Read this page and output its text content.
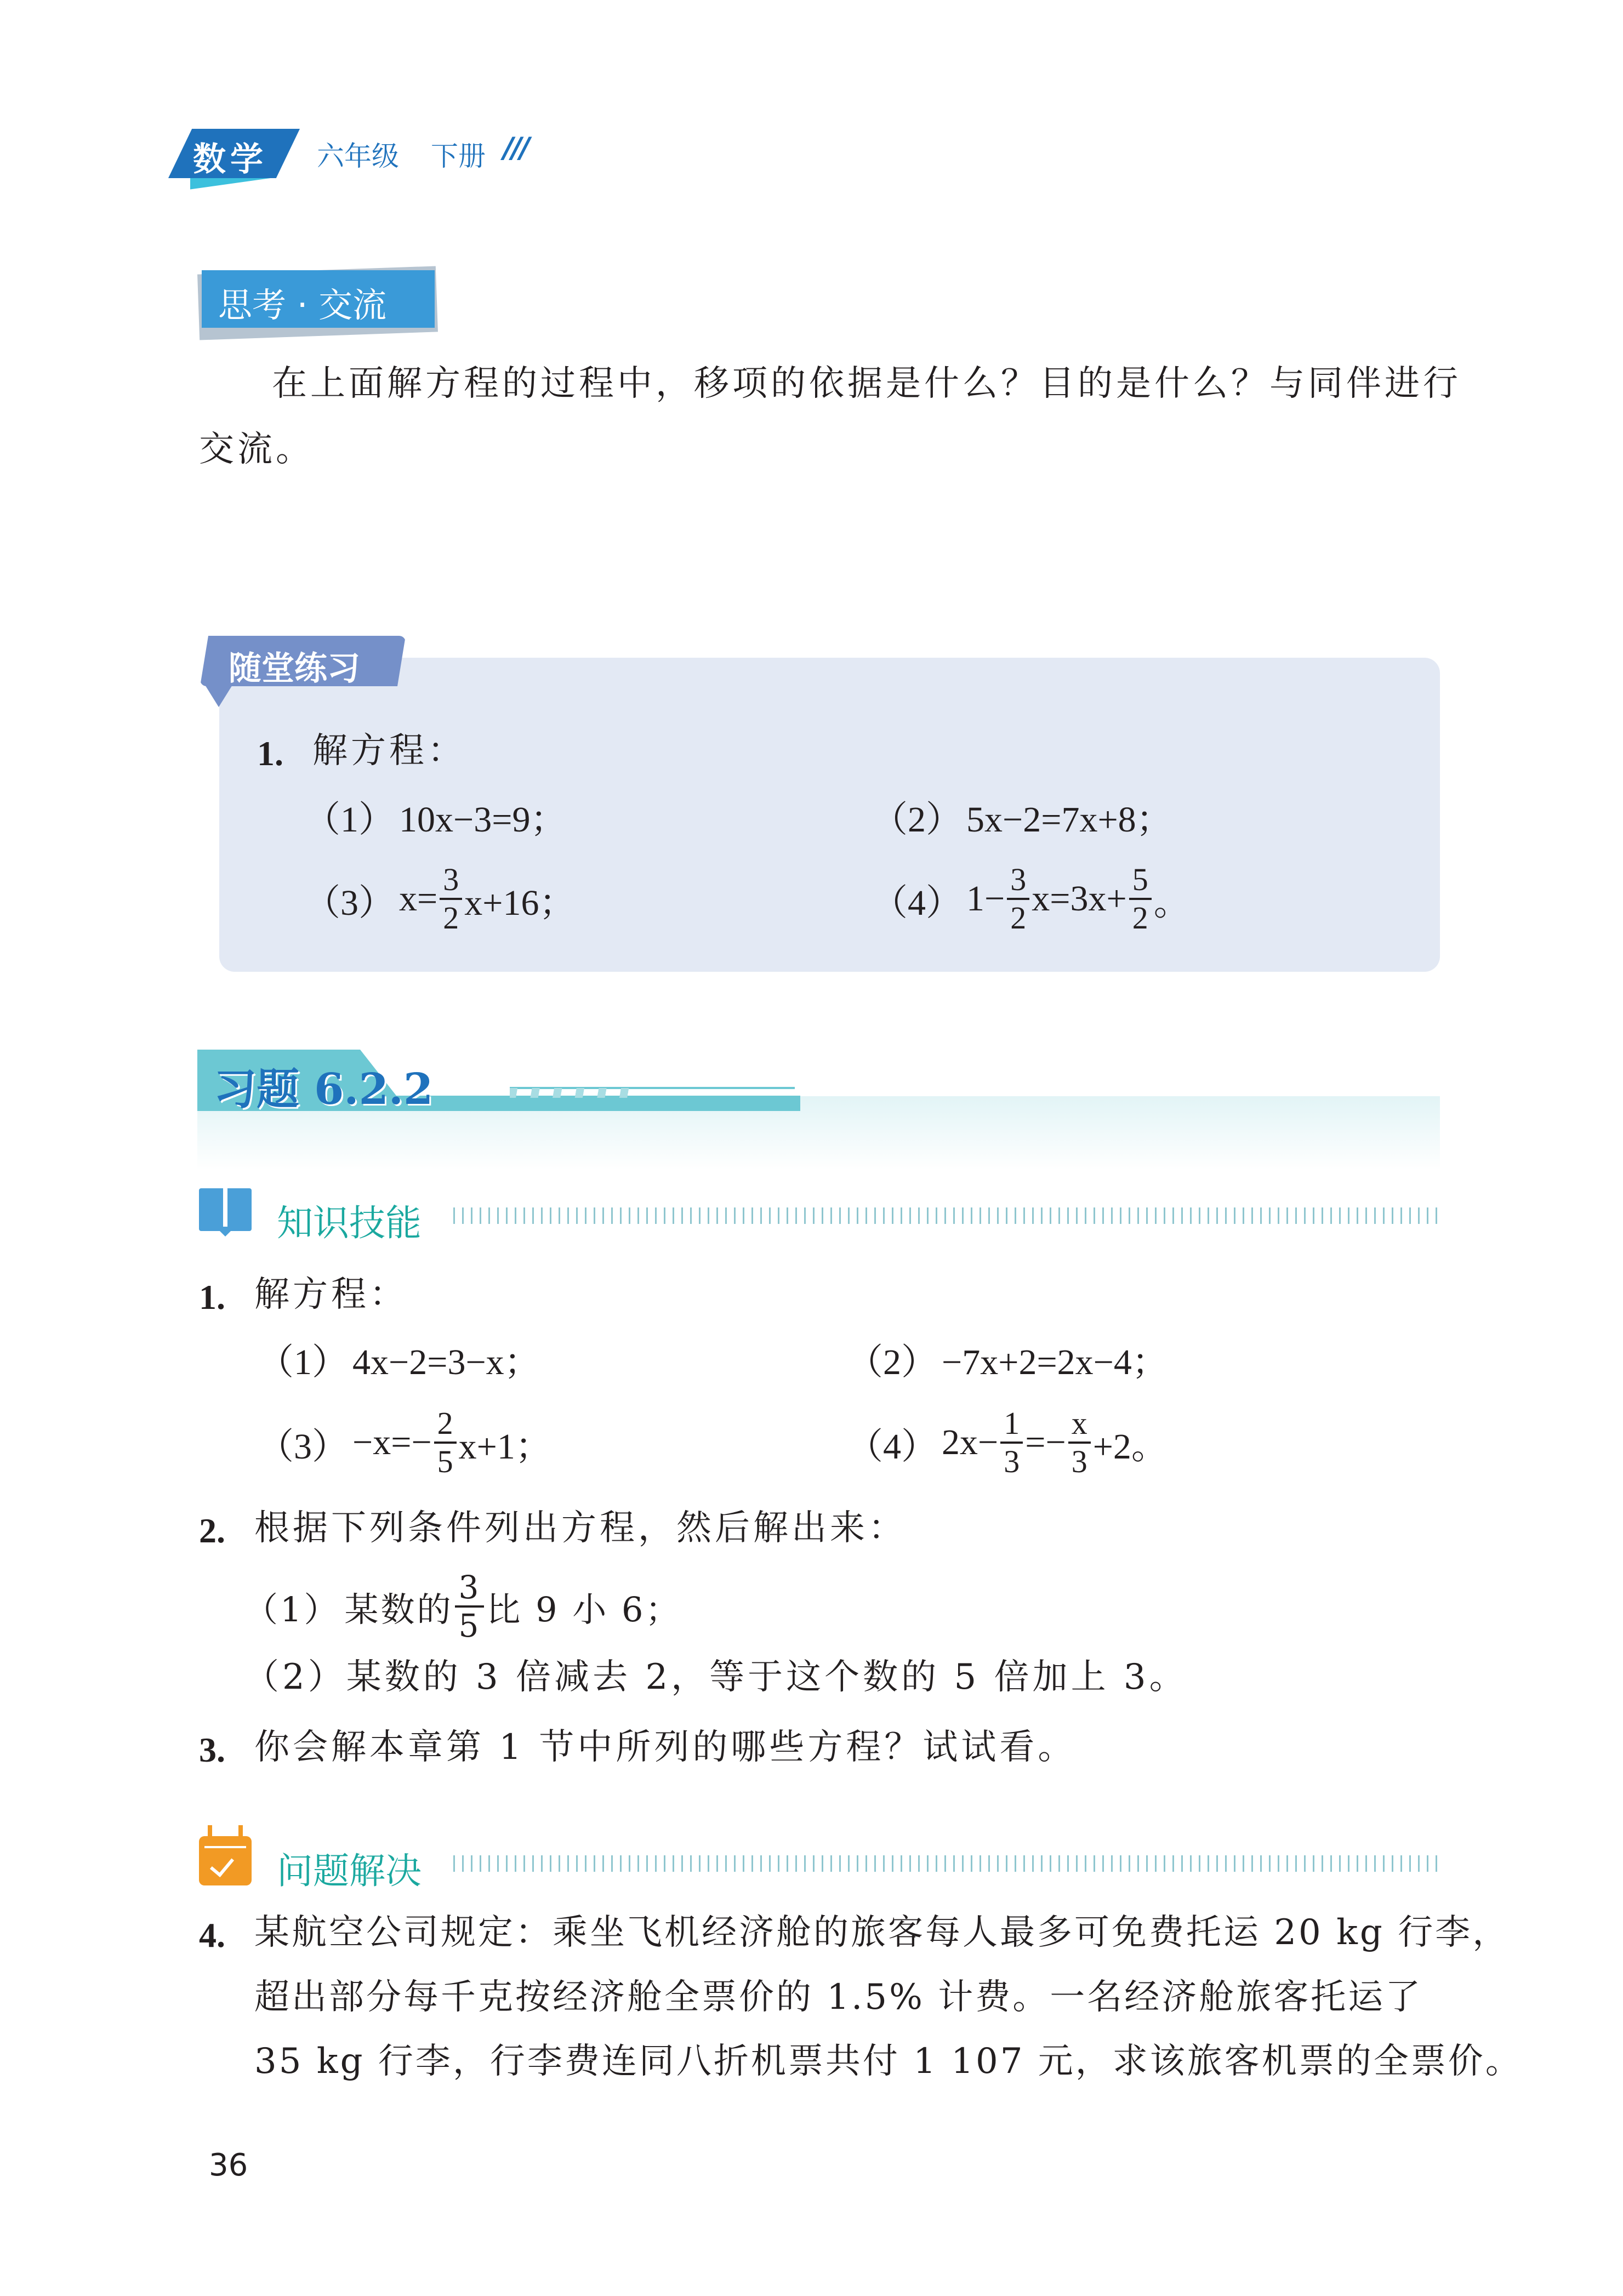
数学 六年级 下册 ///
思考 · 交流
在上面解方程的过程中，移项的依据是什么？目的是什么？与同伴进行
交流。
随堂练习
1. 解方程：
（1） 10x−3=9；	（2） 5x−2=7x+8；
（3） $x= \frac{3}{2} x+16$；	（4） $1- \frac{3}{2} x=3x+ \frac{5}{2}$ 。
习题 6.2.2
知识技能
1. 解方程：
（1） 4x−2=3−x；	（2） −7x+2=2x−4；
$(3) -x=- \frac{2}{5} x+1$；	（4） $2x- \frac{1}{3} =- \frac{x}{3} +2$。
2. 根据下列条件列出方程，然后解出来：
（1） 某数的 $\frac{3}{5}$ 比 9 小 6；
（2）某数的 3 倍减去 2，等于这个数的 5 倍加上 3。
3. 你会解本章第 1 节中所列的哪些方程？试试看。
问题解决
4. 某航空公司规定：乘坐飞机经济舱的旅客每人最多可免费托运 20 kg 行李，
超出部分每千克按经济舱全票价的 1.5% 计费。一名经济舱旅客托运了
35 kg 行李，行李费连同八折机票共付 1 107 元，求该旅客机票的全票价。
36
